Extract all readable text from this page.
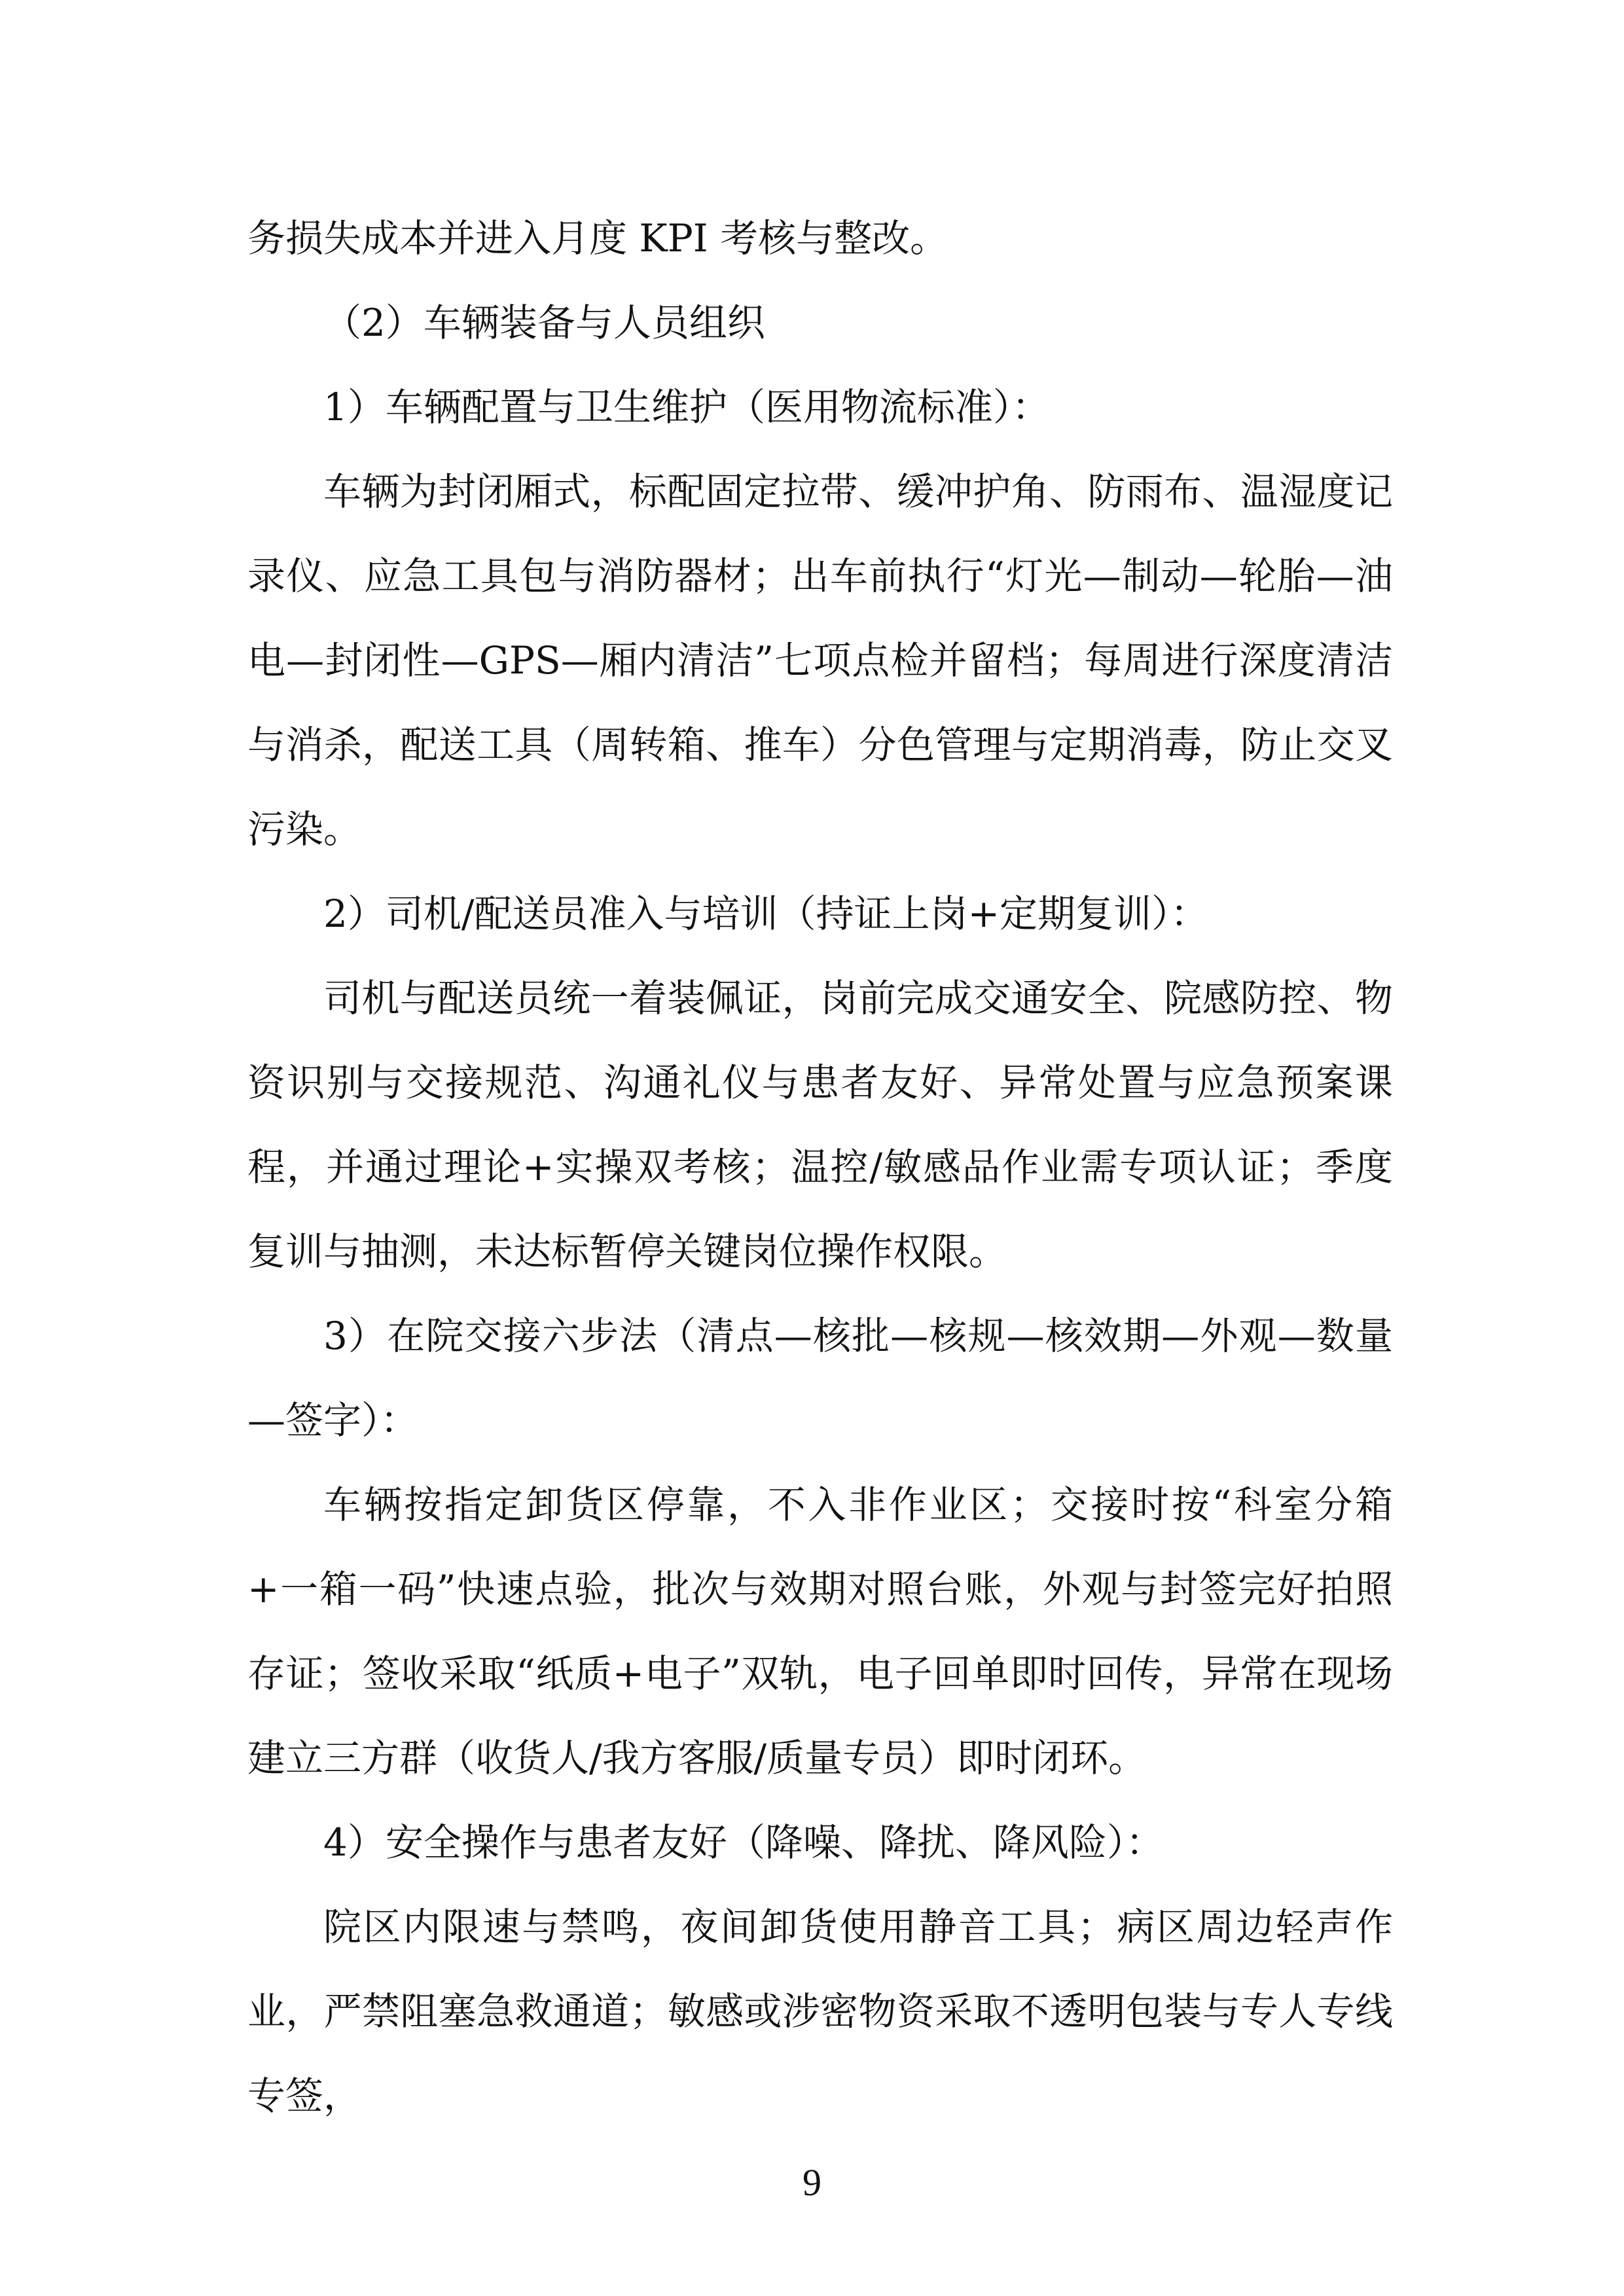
务损失成本并进入月度 KPI 考核与整改。

（2）车辆装备与人员组织

1）车辆配置与卫生维护（医用物流标准）：

车辆为封闭厢式，标配固定拉带、缓冲护角、防雨布、温湿度记录仪、应急工具包与消防器材；出车前执行“灯光—制动—轮胎—油电—封闭性—GPS—厢内清洁”七项点检并留档；每周进行深度清洁与消杀，配送工具（周转箱、推车）分色管理与定期消毒，防止交叉污染。

2）司机/配送员准入与培训（持证上岗+定期复训）：

司机与配送员统一着装佩证，岗前完成交通安全、院感防控、物资识别与交接规范、沟通礼仪与患者友好、异常处置与应急预案课程，并通过理论+实操双考核；温控/敏感品作业需专项认证；季度复训与抽测，未达标暂停关键岗位操作权限。

3）在院交接六步法（清点—核批—核规—核效期—外观—数量—签字）：

车辆按指定卸货区停靠，不入非作业区；交接时按“科室分箱+一箱一码”快速点验，批次与效期对照台账，外观与封签完好拍照存证；签收采取“纸质+电子”双轨，电子回单即时回传，异常在现场建立三方群（收货人/我方客服/质量专员）即时闭环。

4）安全操作与患者友好（降噪、降扰、降风险）：

院区内限速与禁鸣，夜间卸货使用静音工具；病区周边轻声作业，严禁阻塞急救通道；敏感或涉密物资采取不透明包装与专人专线专签，

9
